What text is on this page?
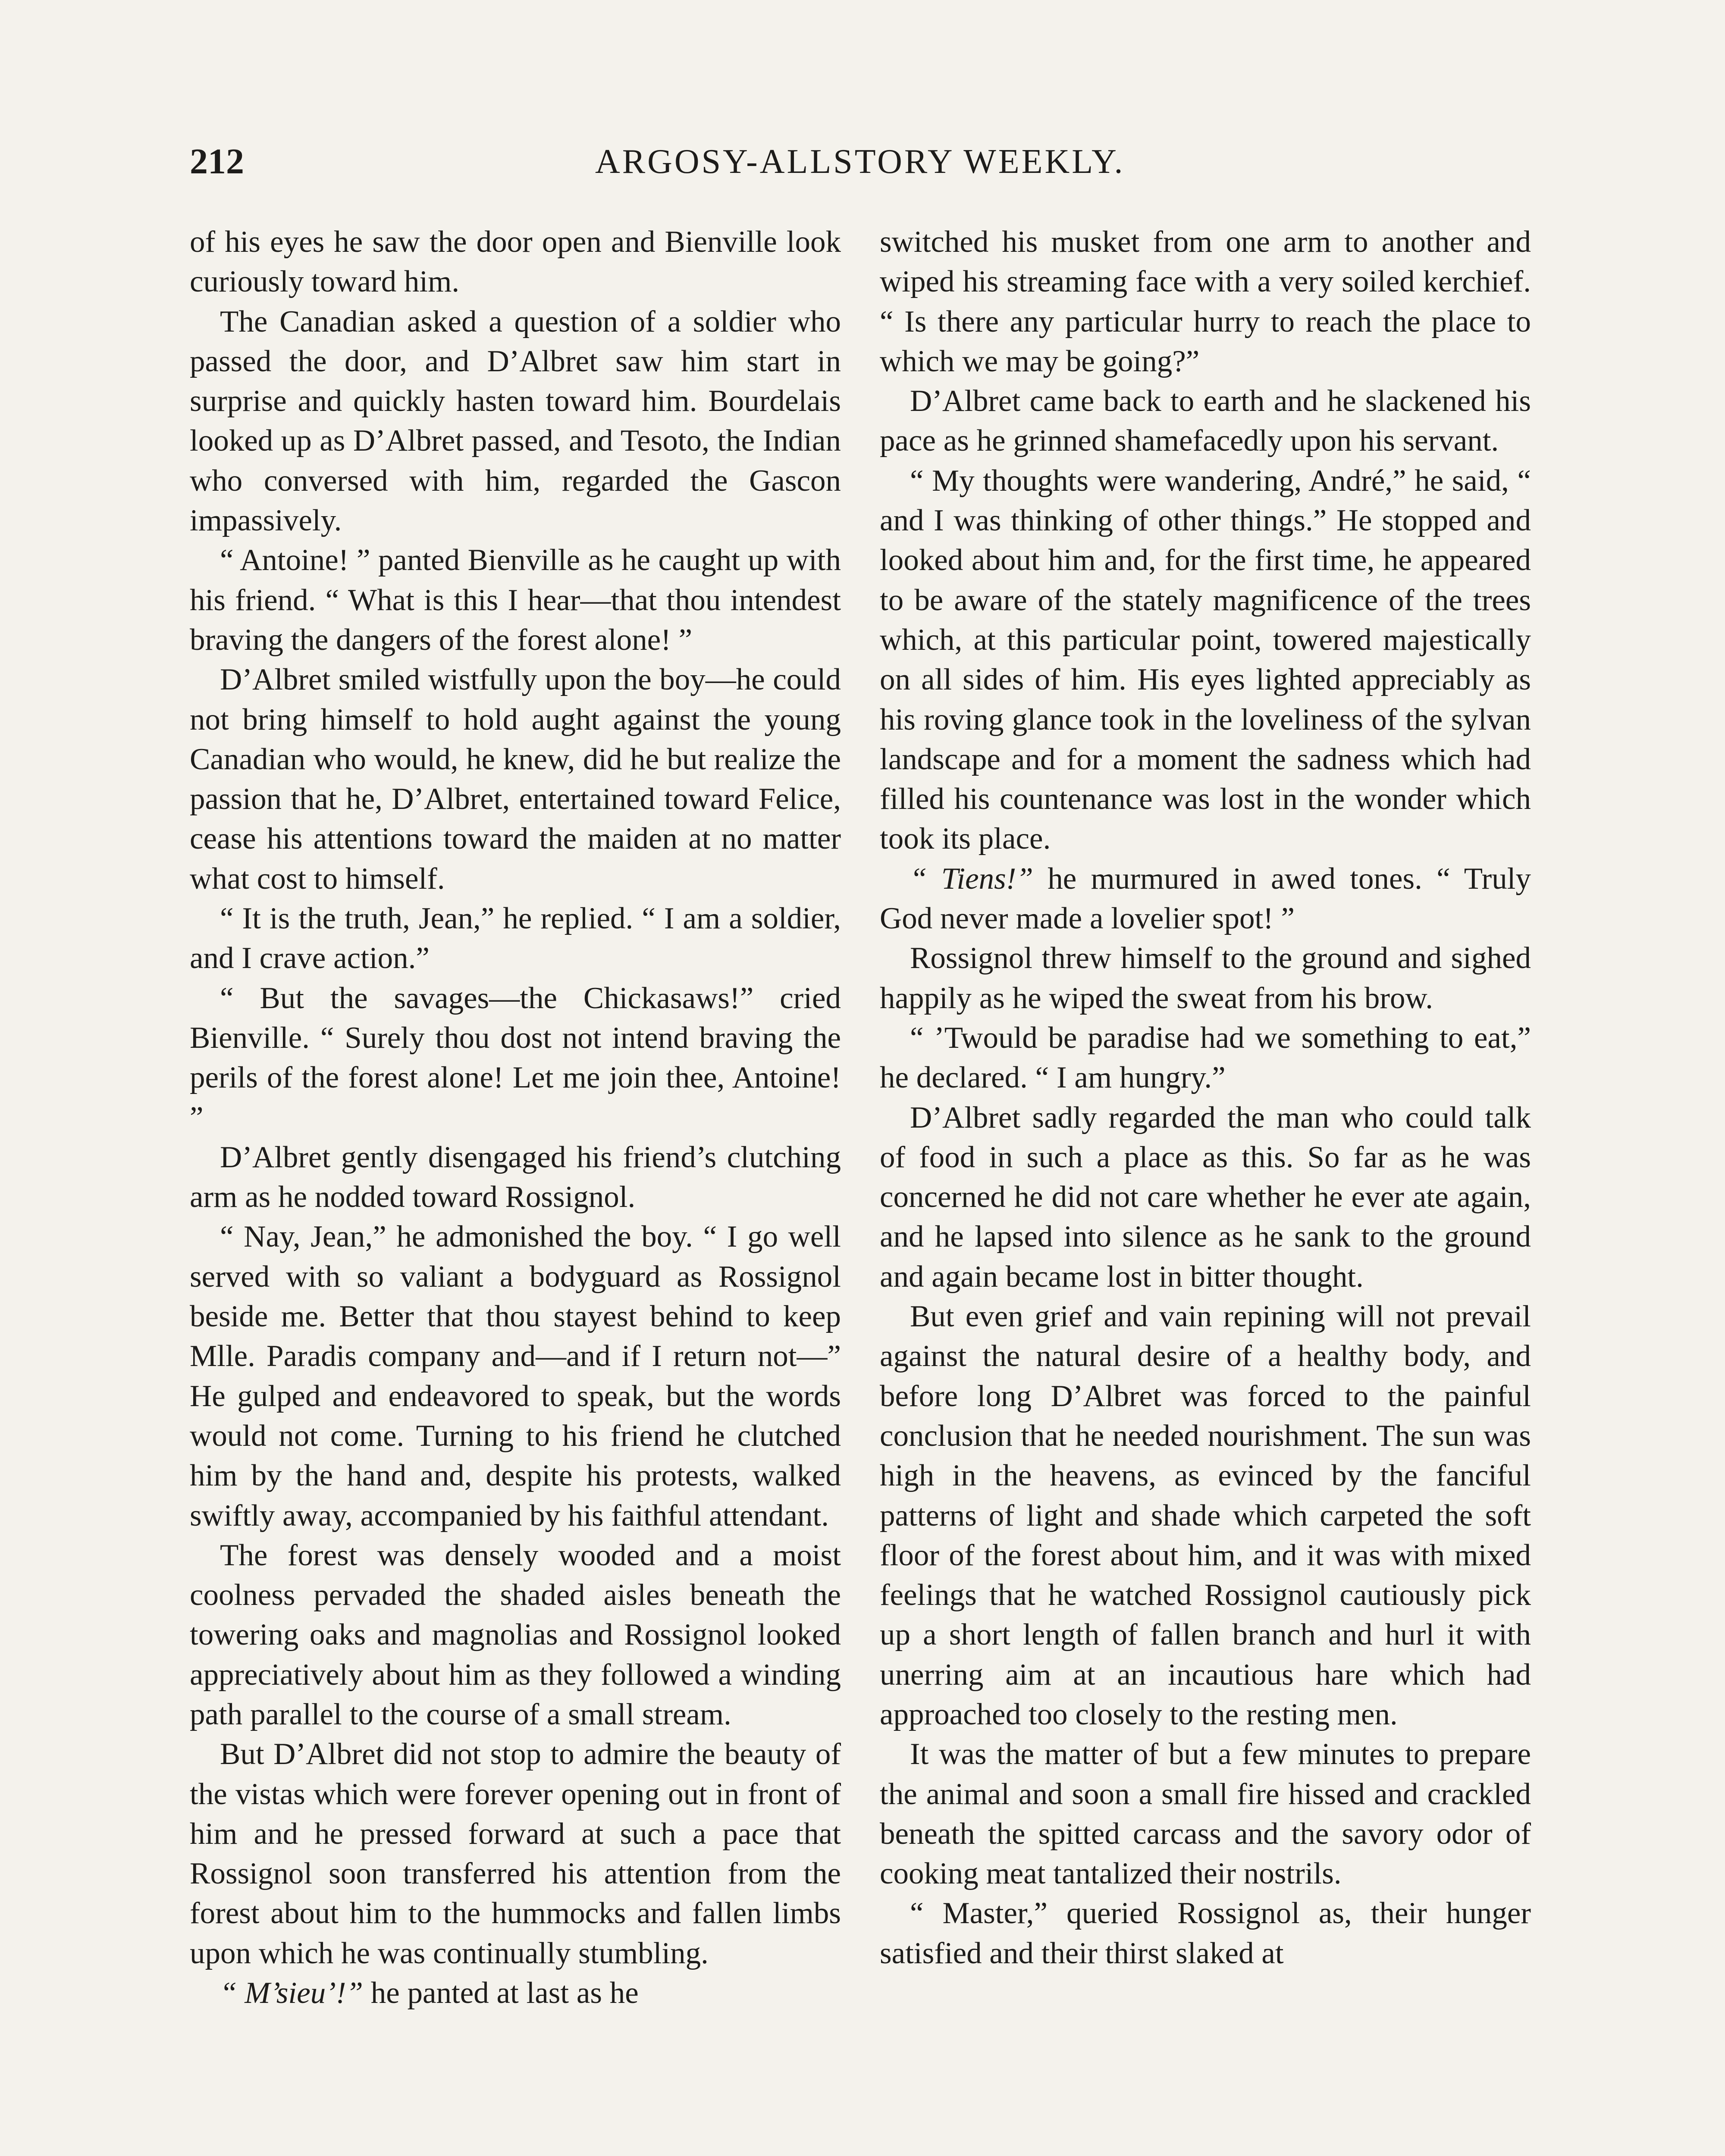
212	ARGOSY-ALLSTORY WEEKLY.

of his eyes he saw the door open and Bienville look curiously toward him.

The Canadian asked a question of a soldier who passed the door, and D’Albret saw him start in surprise and quickly hasten toward him. Bourdelais looked up as D’Albret passed, and Tesoto, the Indian who conversed with him, regarded the Gascon impassively.

“ Antoine! ” panted Bienville as he caught up with his friend. “ What is this I hear—that thou intendest braving the dangers of the forest alone! ”

D’Albret smiled wistfully upon the boy—he could not bring himself to hold aught against the young Canadian who would, he knew, did he but realize the passion that he, D’Albret, entertained toward Felice, cease his attentions toward the maiden at no matter what cost to himself.

“ It is the truth, Jean,” he replied. “ I am a soldier, and I crave action.”

“ But the savages—the Chickasaws!” cried Bienville. “ Surely thou dost not intend braving the perils of the forest alone! Let me join thee, Antoine! ”

D’Albret gently disengaged his friend’s clutching arm as he nodded toward Rossignol.

“ Nay, Jean,” he admonished the boy. “ I go well served with so valiant a bodyguard as Rossignol beside me. Better that thou stayest behind to keep Mlle. Paradis company and—and if I return not—” He gulped and endeavored to speak, but the words would not come. Turning to his friend he clutched him by the hand and, despite his protests, walked swiftly away, accompanied by his faithful attendant.

The forest was densely wooded and a moist coolness pervaded the shaded aisles beneath the towering oaks and magnolias and Rossignol looked appreciatively about him as they followed a winding path parallel to the course of a small stream.

But D’Albret did not stop to admire the beauty of the vistas which were forever opening out in front of him and he pressed forward at such a pace that Rossignol soon transferred his attention from the forest about him to the hummocks and fallen limbs upon which he was continually stumbling.

“ M’sieu’!” he panted at last as he

switched his musket from one arm to another and wiped his streaming face with a very soiled kerchief. “ Is there any particular hurry to reach the place to which we may be going?”

D’Albret came back to earth and he slackened his pace as he grinned shamefacedly upon his servant.

“ My thoughts were wandering, André,” he said, “ and I was thinking of other things.” He stopped and looked about him and, for the first time, he appeared to be aware of the stately magnificence of the trees which, at this particular point, towered majestically on all sides of him. His eyes lighted appreciably as his roving glance took in the loveliness of the sylvan landscape and for a moment the sadness which had filled his countenance was lost in the wonder which took its place.

“ Tiens!” he murmured in awed tones. “ Truly God never made a lovelier spot! ”

Rossignol threw himself to the ground and sighed happily as he wiped the sweat from his brow.

“ ’Twould be paradise had we something to eat,” he declared. “ I am hungry.”

D’Albret sadly regarded the man who could talk of food in such a place as this. So far as he was concerned he did not care whether he ever ate again, and he lapsed into silence as he sank to the ground and again became lost in bitter thought.

But even grief and vain repining will not prevail against the natural desire of a healthy body, and before long D’Albret was forced to the painful conclusion that he needed nourishment. The sun was high in the heavens, as evinced by the fanciful patterns of light and shade which carpeted the soft floor of the forest about him, and it was with mixed feelings that he watched Rossignol cautiously pick up a short length of fallen branch and hurl it with unerring aim at an incautious hare which had approached too closely to the resting men.

It was the matter of but a few minutes to prepare the animal and soon a small fire hissed and crackled beneath the spitted carcass and the savory odor of cooking meat tantalized their nostrils.

“ Master,” queried Rossignol as, their hunger satisfied and their thirst slaked at
